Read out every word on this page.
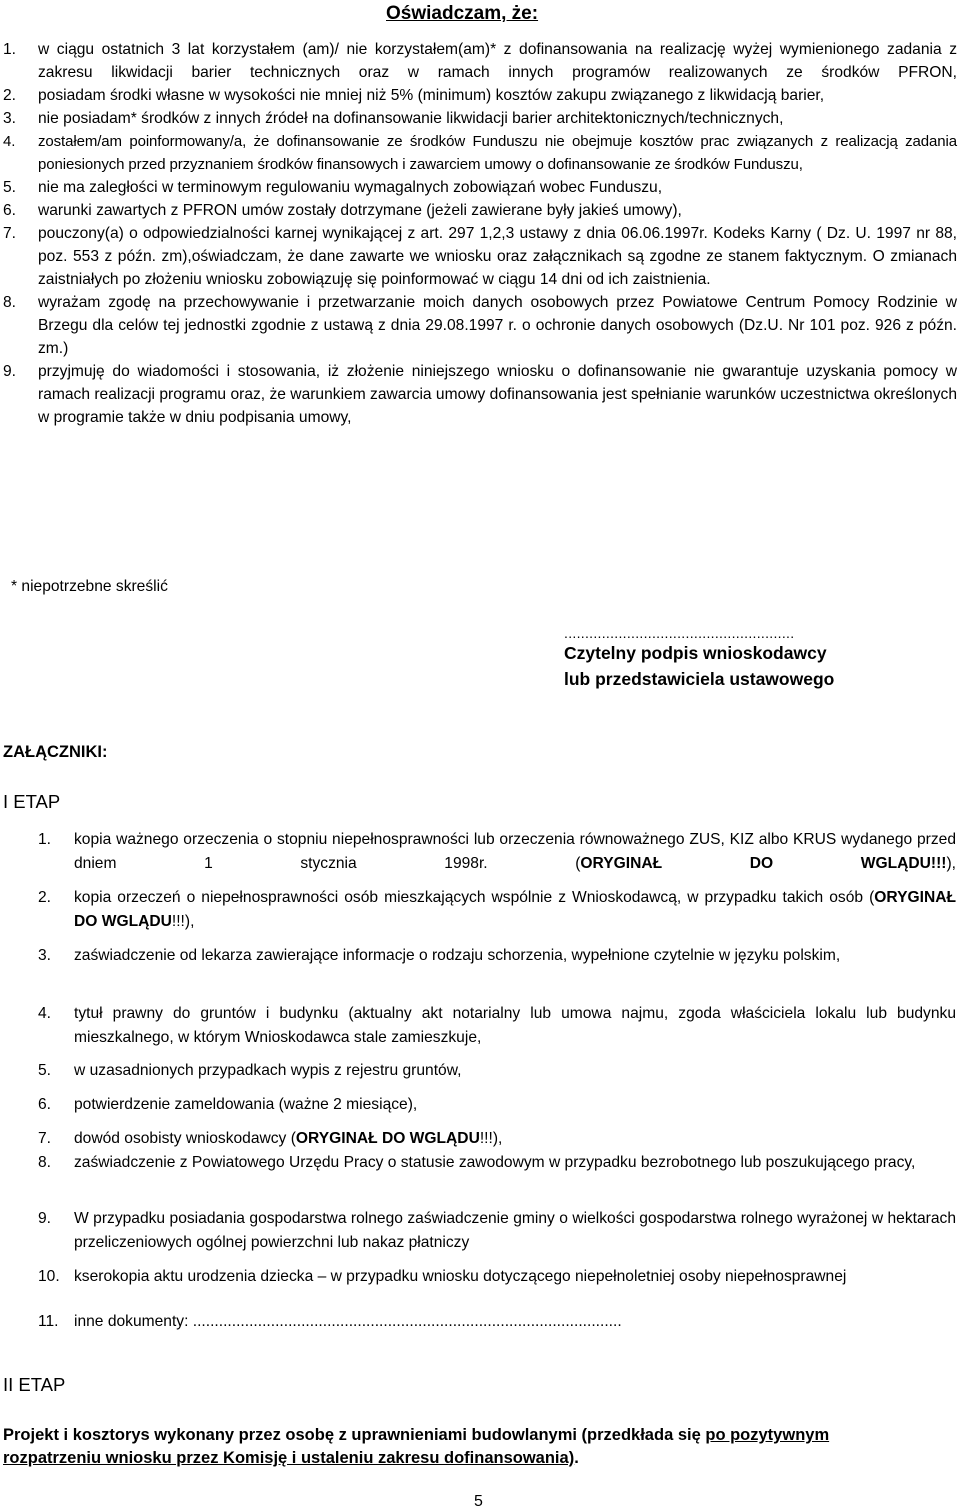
Oświadczam, że:
1. w ciągu ostatnich 3 lat korzystałem (am)/ nie korzystałem(am)* z dofinansowania na realizację wyżej wymienionego zadania z zakresu likwidacji barier technicznych oraz w ramach innych programów realizowanych ze środków PFRON,
2. posiadam środki własne w wysokości nie mniej niż 5% (minimum) kosztów zakupu związanego z likwidacją barier,
3. nie posiadam* środków z innych źródeł na dofinansowanie likwidacji barier architektonicznych/technicznych,
4. zostałem/am poinformowany/a, że dofinansowanie ze środków Funduszu nie obejmuje kosztów prac związanych z realizacją zadania poniesionych przed przyznaniem środków finansowych i zawarciem umowy o dofinansowanie ze środków Funduszu,
5. nie ma zaległości w terminowym regulowaniu wymagalnych zobowiązań wobec Funduszu,
6. warunki zawartych z PFRON umów zostały dotrzymane (jeżeli zawierane były jakieś umowy),
7. pouczony(a) o odpowiedzialności karnej wynikającej z art. 297 1,2,3 ustawy z dnia 06.06.1997r. Kodeks Karny ( Dz. U. 1997 nr 88, poz. 553 z późn. zm),oświadczam, że dane zawarte we wniosku oraz załącznikach są zgodne ze stanem faktycznym. O zmianach zaistniałych po złożeniu wniosku zobowiązuję się poinformować w ciągu 14 dni od ich zaistnienia.
8. wyrażam zgodę na przechowywanie i przetwarzanie moich danych osobowych przez Powiatowe Centrum Pomocy Rodzinie w Brzegu dla celów tej jednostki zgodnie z ustawą z dnia 29.08.1997 r. o ochronie danych osobowych (Dz.U. Nr 101 poz. 926 z późn. zm.)
9. przyjmuję do wiadomości i stosowania, iż złożenie niniejszego wniosku o dofinansowanie nie gwarantuje uzyskania pomocy w ramach realizacji programu oraz, że warunkiem zawarcia umowy dofinansowania jest spełnianie warunków uczestnictwa określonych w programie także w dniu podpisania umowy,
* niepotrzebne skreślić
.......................................................
Czytelny podpis wnioskodawcy
lub przedstawiciela ustawowego
ZAŁĄCZNIKI:
I ETAP
1. kopia ważnego orzeczenia o stopniu niepełnosprawności lub orzeczenia równoważnego ZUS, KIZ albo KRUS wydanego przed dniem 1 stycznia 1998r. (ORYGINAŁ DO WGLĄDU!!!),
2. kopia orzeczeń o niepełnosprawności osób mieszkających wspólnie z Wnioskodawcą, w przypadku takich osób (ORYGINAŁ DO WGLĄDU!!!),
3. zaświadczenie od lekarza zawierające informacje o rodzaju schorzenia, wypełnione czytelnie w języku polskim,
4. tytuł prawny do gruntów i budynku (aktualny akt notarialny lub umowa najmu, zgoda właściciela lokalu lub budynku mieszkalnego, w którym Wnioskodawca stale zamieszkuje,
5. w uzasadnionych przypadkach wypis z rejestru gruntów,
6. potwierdzenie zameldowania (ważne 2 miesiące),
7. dowód osobisty wnioskodawcy (ORYGINAŁ DO WGLĄDU!!!),
8. zaświadczenie z Powiatowego Urzędu Pracy o statusie zawodowym w przypadku bezrobotnego lub poszukującego pracy,
9. W przypadku posiadania gospodarstwa rolnego zaświadczenie gminy o wielkości gospodarstwa rolnego wyrażonej w hektarach przeliczeniowych ogólnej powierzchni lub nakaz płatniczy
10. kserokopia aktu urodzenia dziecka – w przypadku wniosku dotyczącego niepełnoletniej osoby niepełnosprawnej
11. inne dokumenty: ...................................................................................................
II ETAP
Projekt i kosztorys wykonany przez osobę z uprawnieniami budowlanymi (przedkłada się po pozytywnym rozpatrzeniu wniosku przez Komisję i ustaleniu zakresu dofinansowania).
5
